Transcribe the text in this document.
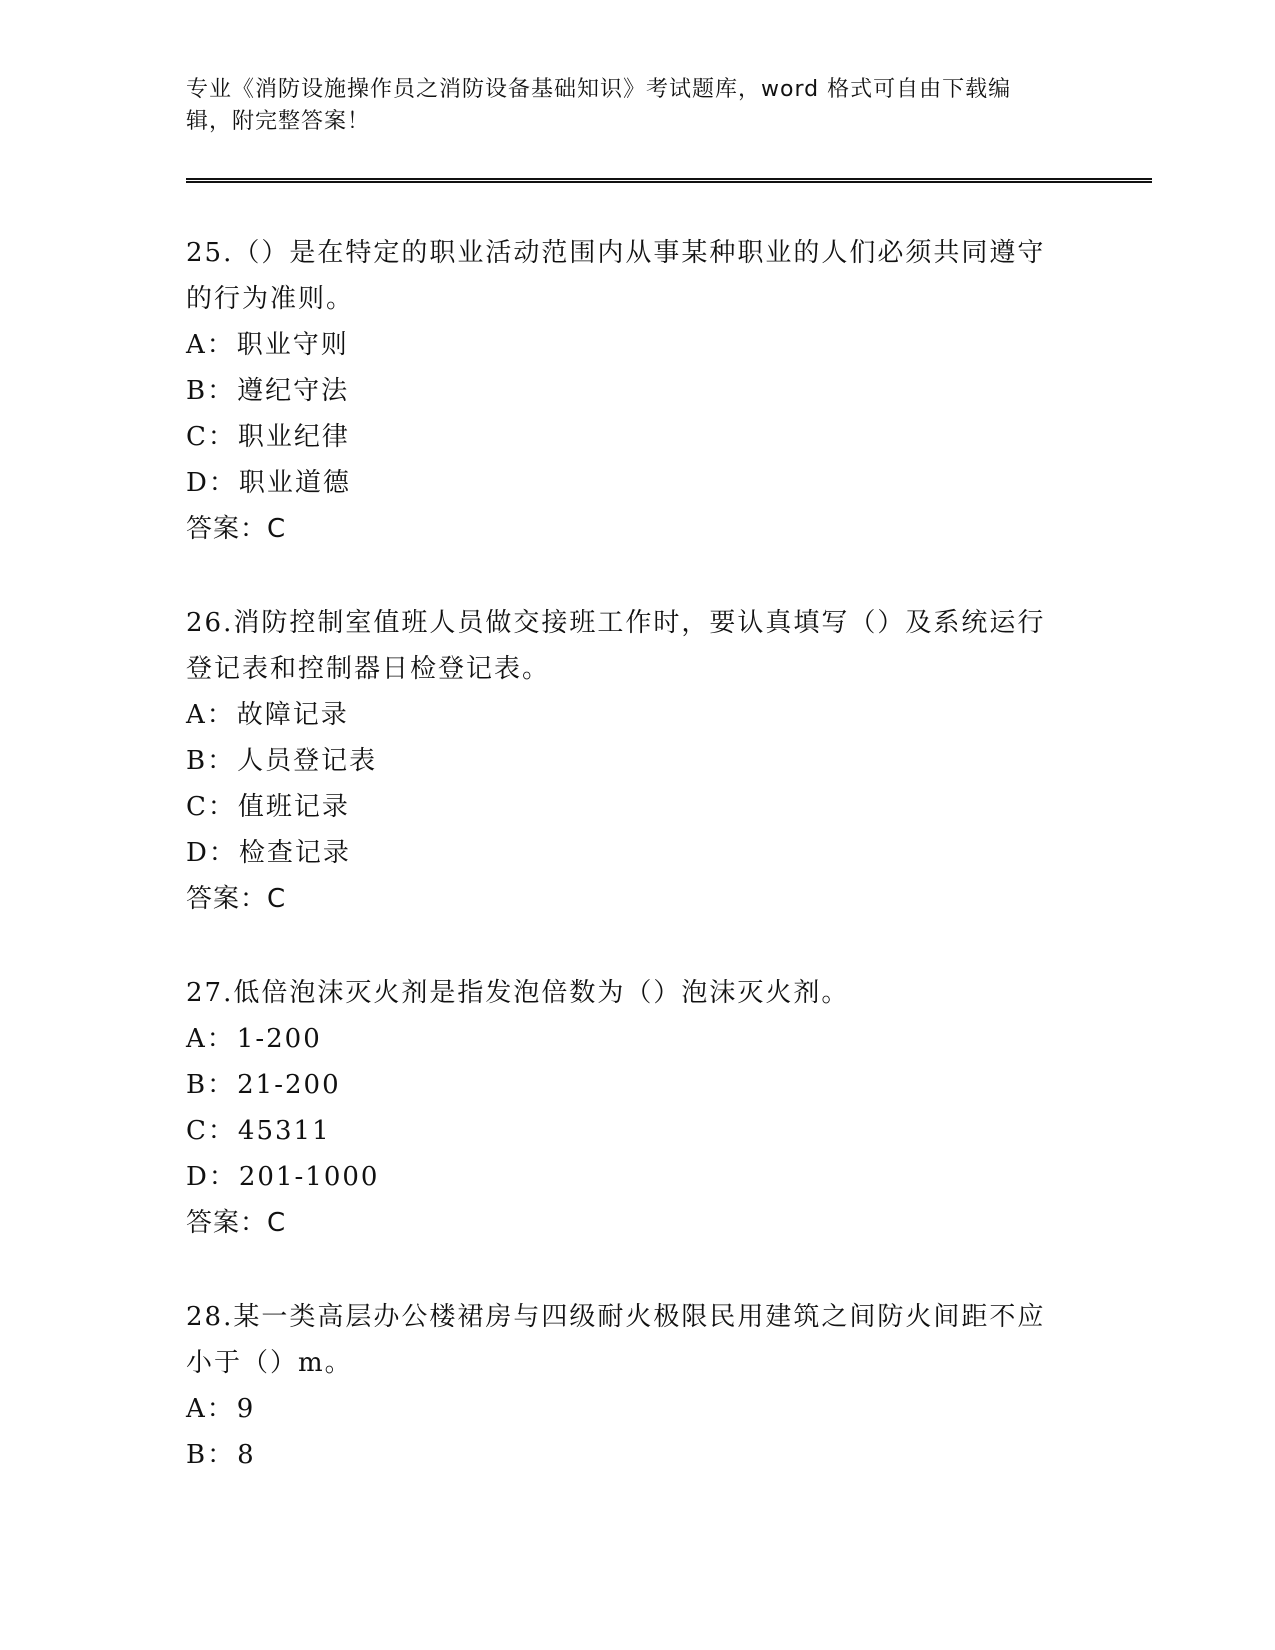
专业《消防设施操作员之消防设备基础知识》考试题库，word 格式可自由下载编
辑，附完整答案！
25.（）是在特定的职业活动范围内从事某种职业的人们必须共同遵守的行为准则。
A：职业守则
B：遵纪守法
C：职业纪律
D：职业道德
答案：C
26.消防控制室值班人员做交接班工作时，要认真填写（）及系统运行登记表和控制器日检登记表。
A：故障记录
B：人员登记表
C：值班记录
D：检查记录
答案：C
27.低倍泡沫灭火剂是指发泡倍数为（）泡沫灭火剂。
A：1-200
B：21-200
C：45311
D：201-1000
答案：C
28.某一类高层办公楼裙房与四级耐火极限民用建筑之间防火间距不应小于（）m。
A：9
B：8
